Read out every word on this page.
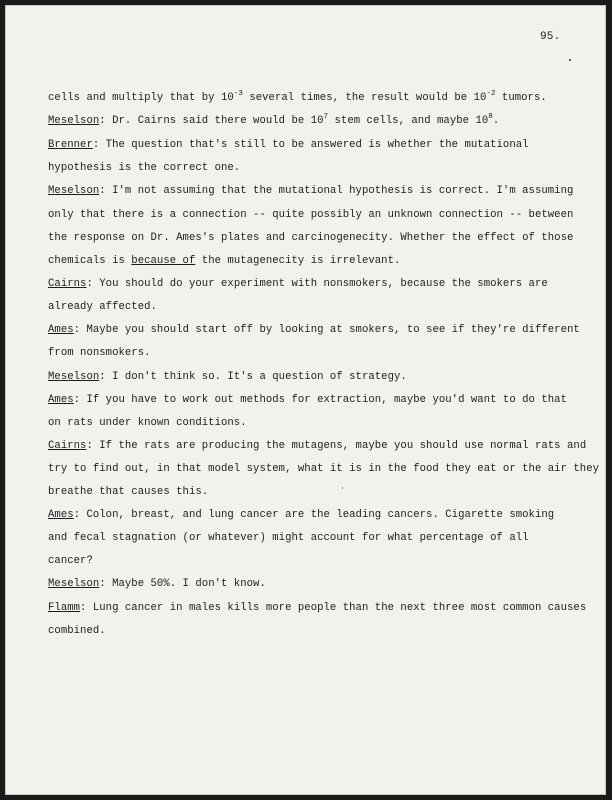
95.
cells and multiply that by $10^{-3}$ several times, the result would be $10^{-2}$ tumors.
Meselson: Dr. Cairns said there would be $10^7$ stem cells, and maybe $10^8$.
Brenner: The question that's still to be answered is whether the mutational
hypothesis is the correct one.
Meselson: I'm not assuming that the mutational hypothesis is correct. I'm assuming
only that there is a connection -- quite possibly an unknown connection -- between
the response on Dr. Ames's plates and carcinogenecity. Whether the effect of those
chemicals is because of the mutagenecity is irrelevant.
Cairns: You should do your experiment with nonsmokers, because the smokers are
already affected.
Ames: Maybe you should start off by looking at smokers, to see if they're different
from nonsmokers.
Meselson: I don't think so. It's a question of strategy.
Ames: If you have to work out methods for extraction, maybe you'd want to do that
on rats under known conditions.
Cairns: If the rats are producing the mutagens, maybe you should use normal rats and
try to find out, in that model system, what it is in the food they eat or the air they
breathe that causes this.
Ames: Colon, breast, and lung cancer are the leading cancers. Cigarette smoking
and fecal stagnation (or whatever) might account for what percentage of all
cancer?
Meselson: Maybe 50%. I don't know.
Flamm: Lung cancer in males kills more people than the next three most common causes
combined.
